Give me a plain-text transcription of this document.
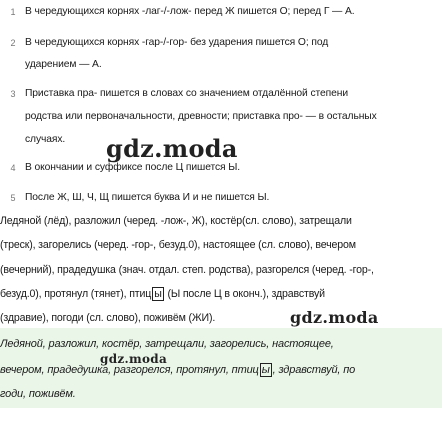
1 В чередующихся корнях -лаг-/-лож- перед Ж пишется О; перед Г — А.
2 В чередующихся корнях -гар-/-гор- без ударения пишется О; под
ударением — А.
3 Приставка пра- пишется в словах со значением отдалённой степени
родства или первоначальности, древности; приставка про- — в остальных
случаях.
4 В окончании и суффиксе после Ц пишется Ы.
5 После Ж, Ш, Ч, Щ пишется буква И и не пишется Ы.
gdz.moda
Ледяной (лёд), разложил (черед. -лож-, Ж), костёр(сл. слово), затрещали
(треск), загорелись (черед. -гор-, безуд.0), настоящее (сл. слово), вечером
(вечерний), прадедушка (знач. отдал. степ. родства), разгорелся (черед. -гор-,
безуд.0), протянул (тянет), птиц ы (Ы после Ц в оконч.), здравствуй
(здравие), погоди (сл. слово), поживём (ЖИ).	gdz.moda
Ледяной, разложил, костёр, затрещали, загорелись, настоящее,
вечером, прадедушка, разгорелся, протянул, птиц ы , здравствуй, по
годи, поживём.
gdz.moda
